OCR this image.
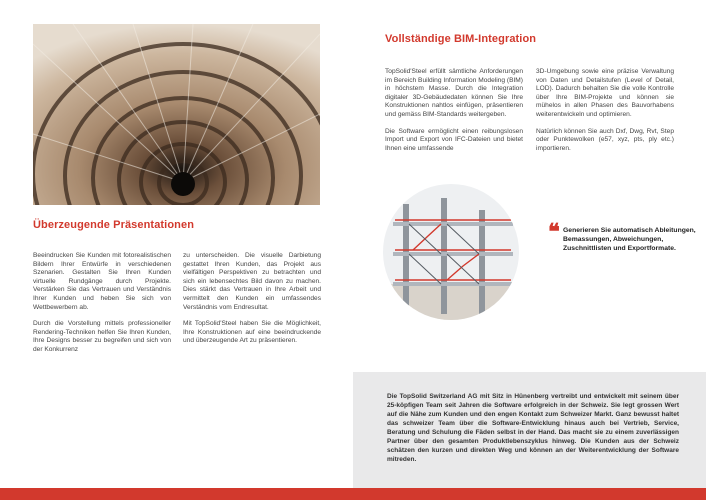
Überzeugende Präsentationen

Beeindrucken Sie Kunden mit fotorealistischen Bildern Ihrer Entwürfe in verschiedenen Szenarien. Gestalten Sie Ihren Kunden virtuelle Rundgänge durch Projekte. Verstärken Sie das Vertrauen und Verständnis Ihrer Kunden und heben Sie sich von Wettbewerbern ab.

Durch die Vorstellung mittels professioneller Rendering-Techniken helfen Sie Ihren Kunden, Ihre Designs besser zu begreifen und sich von der Konkurrenz

zu unterscheiden. Die visuelle Darbietung gestattet Ihren Kunden, das Projekt aus vielfältigen Perspektiven zu betrachten und sich ein lebensechtes Bild davon zu machen. Dies stärkt das Vertrauen in Ihre Arbeit und vermittelt den Kunden ein umfassendes Verständnis vom Endresultat.

Mit TopSolid'Steel haben Sie die Möglichkeit, Ihre Konstruktionen auf eine beeindruckende und überzeugende Art zu präsentieren.

Vollständige BIM-Integration

TopSolid'Steel erfüllt sämtliche Anforderungen im Bereich Building Information Modeling (BIM) in höchstem Masse. Durch die Integration digitaler 3D-Gebäudedaten können Sie Ihre Konstruktionen nahtlos einfügen, präsentieren und gemäss BIM-Standards weitergeben.

Die Software ermöglicht einen reibungslosen Import und Export von IFC-Dateien und bietet Ihnen eine umfassende

3D-Umgebung sowie eine präzise Verwaltung von Daten und Detailstufen (Level of Detail, LOD). Dadurch behalten Sie die volle Kontrolle über Ihre BIM-Projekte und können sie mühelos in allen Phasen des Bauvorhabens weiterentwickeln und optimieren.

Natürlich können Sie auch Dxf, Dwg, Rvt, Step oder Punktewolken (e57, xyz, pts, ply etc.) importieren.

❝ Generieren Sie automatisch Ableitungen, Bemassungen, Abweichungen, Zuschnittlisten und Exportformate.
Die TopSolid Switzerland AG mit Sitz in Hünenberg vertreibt und entwickelt mit seinem über 25-köpfigen Team seit Jahren die Software erfolgreich in der Schweiz. Sie legt grossen Wert auf die Nähe zum Kunden und den engen Kontakt zum Schweizer Markt. Ganz bewusst haltet das schweizer Team über die Software-Entwicklung hinaus auch bei Vertrieb, Service, Beratung und Schulung die Fäden selbst in der Hand. Das macht sie zu einem zuverlässigen Partner über den gesamten Produktlebenszyklus hinweg. Die Kunden aus der Schweiz schätzen den kurzen und direkten Weg und können an der Weiterentwicklung der Software mitreden.
